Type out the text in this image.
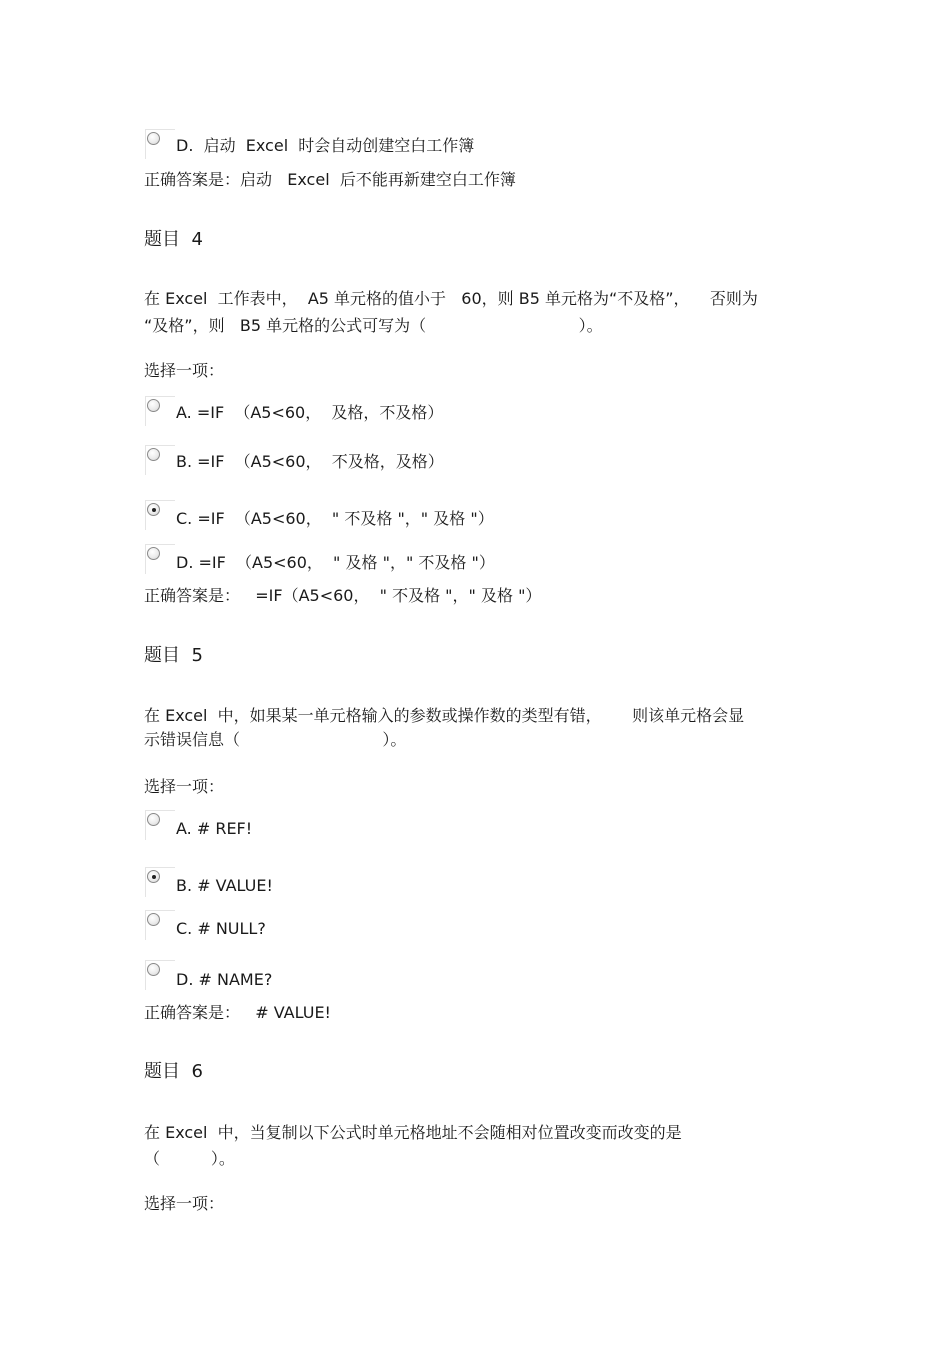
D.  启动  Excel  时会自动创建空白工作簿
正确答案是：启动   Excel  后不能再新建空白工作簿
题目  4
在 Excel  工作表中，  A5 单元格的值小于   60，则 B5 单元格为“不及格”，    否则为
“及格”，则   B5 单元格的公式可写为（                              ）。
选择一项：
A. =IF  （A5<60，  及格，不及格）
B. =IF  （A5<60，  不及格，及格）
C. =IF  （A5<60，  " 不及格 "，" 及格 "）
D. =IF  （A5<60，  " 及格 "，" 不及格 "）
正确答案是：   =IF（A5<60，  " 不及格 "，" 及格 "）
题目  5
在 Excel  中，如果某一单元格输入的参数或操作数的类型有错，      则该单元格会显
示错误信息（                            ）。
选择一项：
A. # REF!
B. # VALUE!
C. # NULL?
D. # NAME?
正确答案是：   # VALUE!
题目  6
在 Excel  中，当复制以下公式时单元格地址不会随相对位置改变而改变的是
（          ）。
选择一项：
